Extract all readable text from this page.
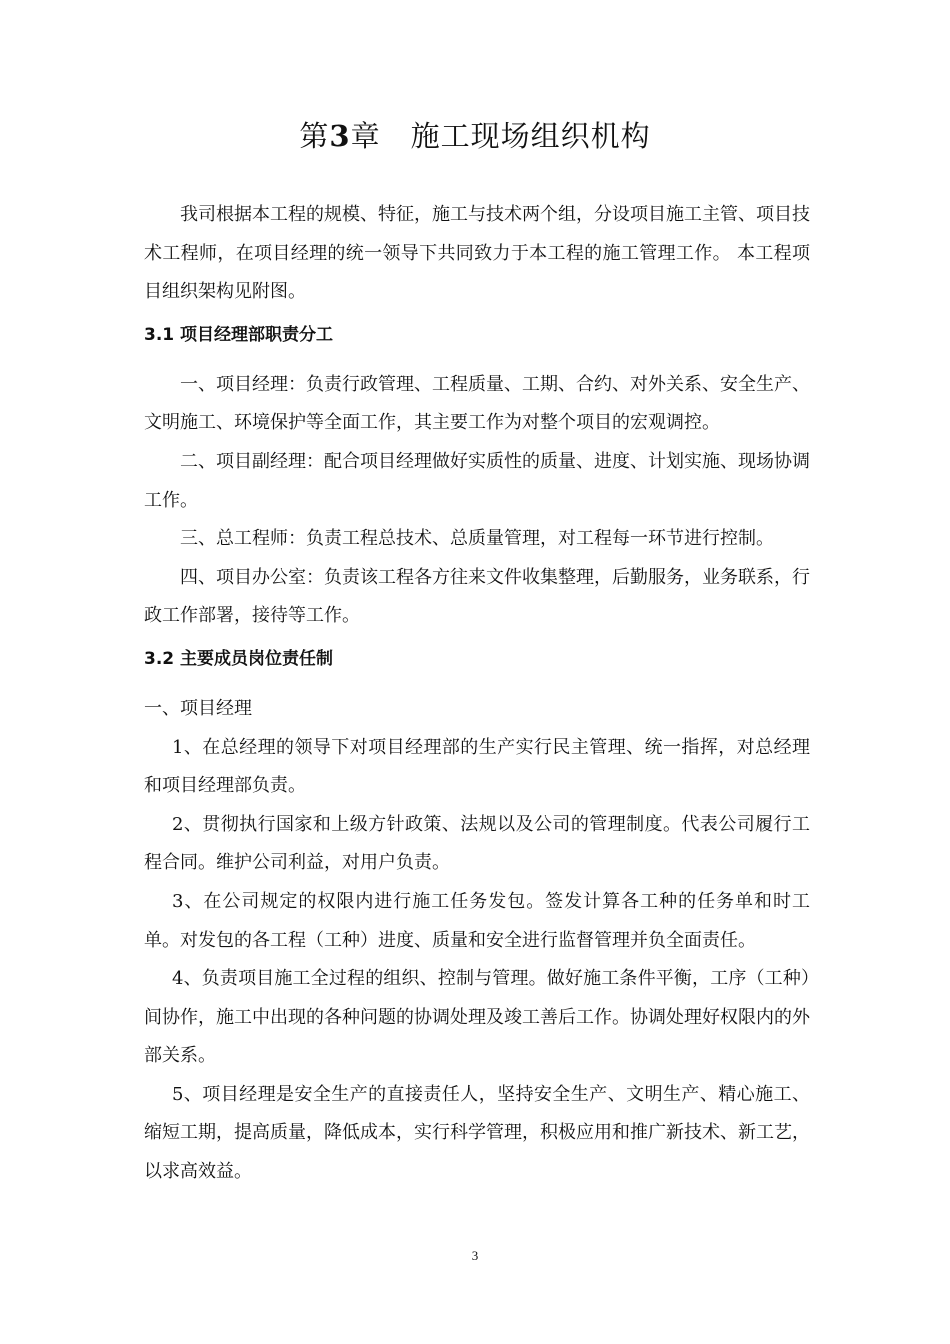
第3章 施工现场组织机构

我司根据本工程的规模、特征，施工与技术两个组，分设项目施工主管、项目技术工程师，在项目经理的统一领导下共同致力于本工程的施工管理工作。 本工程项目组织架构见附图。

3.1 项目经理部职责分工

一、项目经理：负责行政管理、工程质量、工期、合约、对外关系、安全生产、文明施工、环境保护等全面工作，其主要工作为对整个项目的宏观调控。

二、项目副经理：配合项目经理做好实质性的质量、进度、计划实施、现场协调工作。

三、总工程师：负责工程总技术、总质量管理，对工程每一环节进行控制。

四、项目办公室：负责该工程各方往来文件收集整理，后勤服务，业务联系，行政工作部署，接待等工作。

3.2 主要成员岗位责任制

一、项目经理

1、在总经理的领导下对项目经理部的生产实行民主管理、统一指挥，对总经理和项目经理部负责。

2、贯彻执行国家和上级方针政策、法规以及公司的管理制度。代表公司履行工程合同。维护公司利益，对用户负责。

3、在公司规定的权限内进行施工任务发包。签发计算各工种的任务单和时工单。对发包的各工程（工种）进度、质量和安全进行监督管理并负全面责任。

4、负责项目施工全过程的组织、控制与管理。做好施工条件平衡，工序（工种）间协作，施工中出现的各种问题的协调处理及竣工善后工作。协调处理好权限内的外部关系。

5、项目经理是安全生产的直接责任人，坚持安全生产、文明生产、精心施工、缩短工期，提高质量，降低成本，实行科学管理，积极应用和推广新技术、新工艺，以求高效益。

3
